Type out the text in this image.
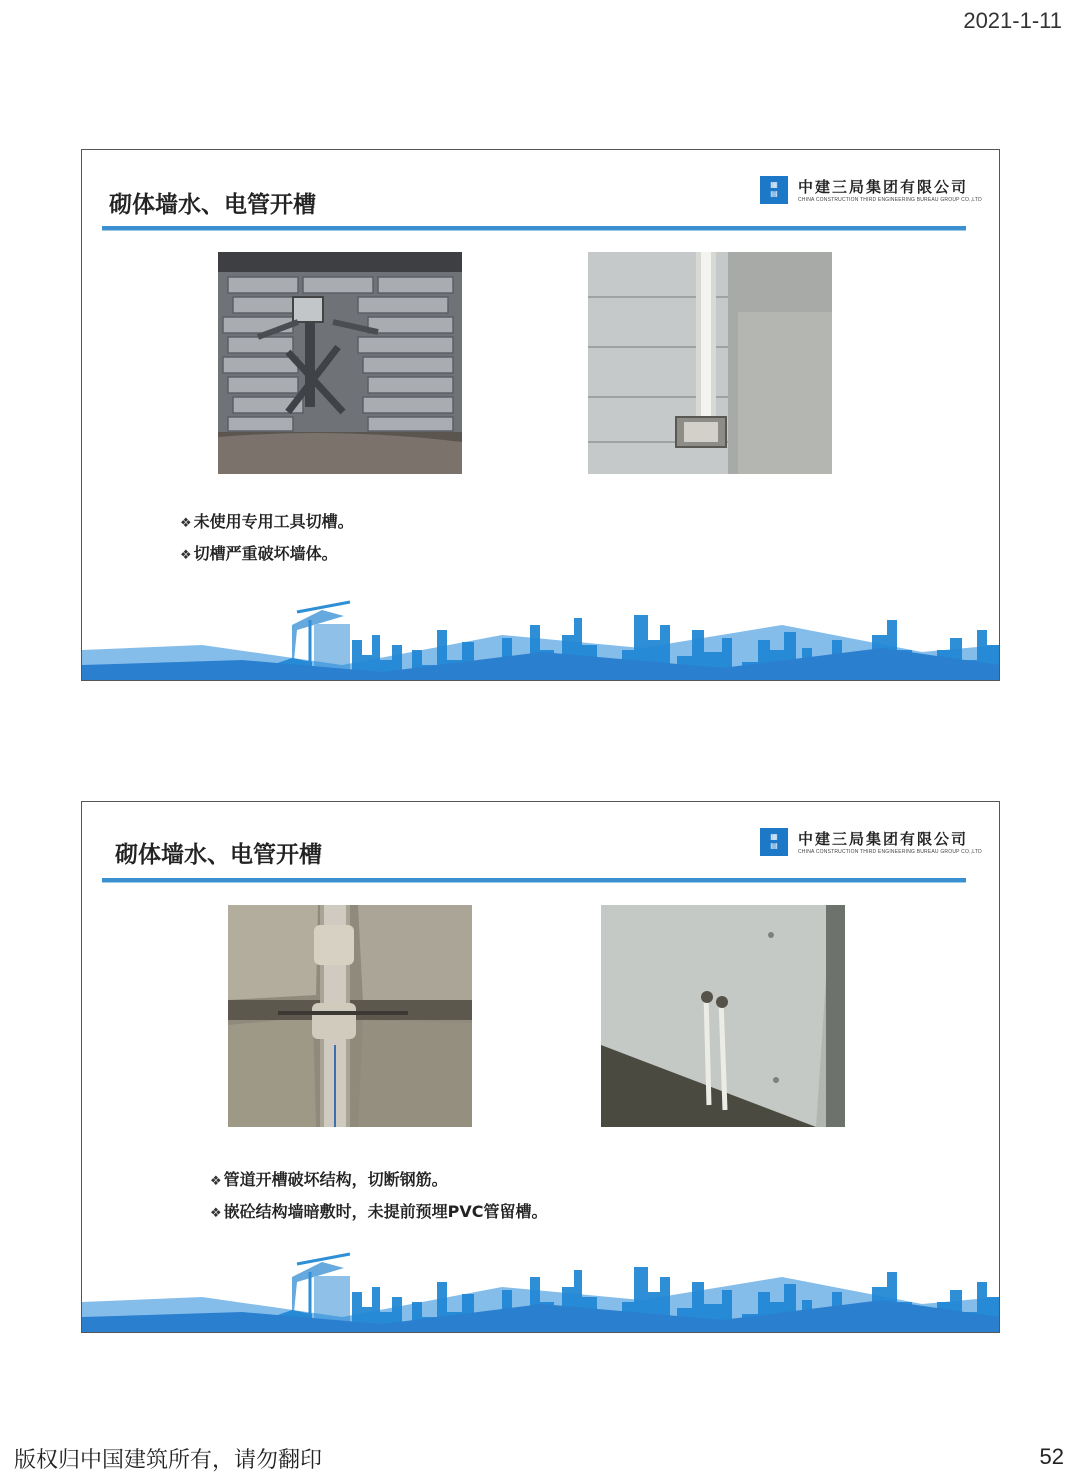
2021-1-11
砌体墙水、电管开槽
▦
▤	中建三局集团有限公司
CHINA CONSTRUCTION THIRD ENGINEERING BUREAU GROUP CO.,LTD
❖ 未使用专用工具切槽。
❖ 切槽严重破坏墙体。
砌体墙水、电管开槽
▦
▤	中建三局集团有限公司
CHINA CONSTRUCTION THIRD ENGINEERING BUREAU GROUP CO.,LTD
❖ 管道开槽破坏结构，切断钢筋。
❖ 嵌砼结构墙暗敷时，未提前预埋PVC管留槽。
版权归中国建筑所有，请勿翻印	52
